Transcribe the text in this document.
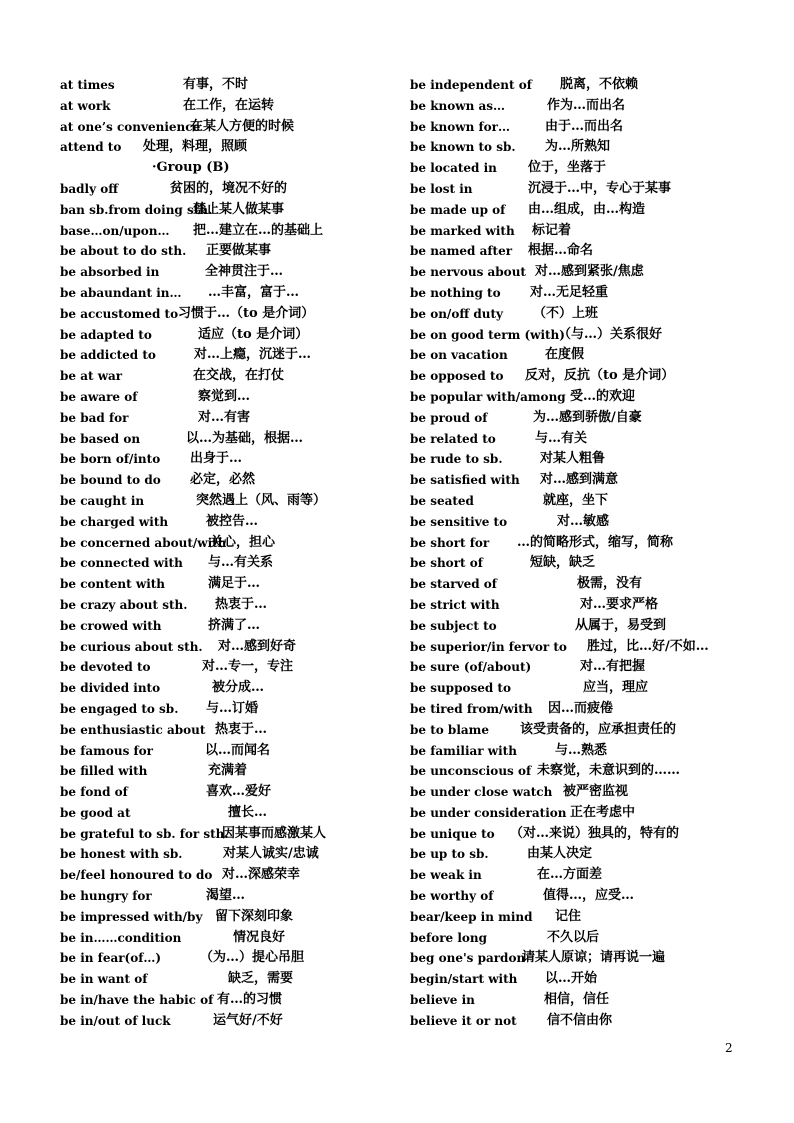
at times	有事，不时
at work	在工作，在运转
at one’s convenience
在某人方便的时候
attend to 处理，料理，照顾
·Group (B)
badly off	贫困的，境况不好的
ban sb.from doing sth.
禁止某人做某事
base…on/upon… 把…建立在…的基础上
be about to do sth. 正要做某事
be absorbed in	全神贯注于…
be abaundant in… …丰富，富于…
be accustomed to 习惯于…（to 是介词）
be adapted to	适应（to 是介词）
be addicted to	对…上瘾，沉迷于…
be at war	在交战，在打仗
be aware of	察觉到…
be bad for	对…有害
be based on	以…为基础，根据…
be born of/into 出身于…
be bound to do 必定，必然
be caught in	突然遇上（风、雨等）
be charged with	被控告…
be concerned about/with
关心，担心
be connected with 与…有关系
be content with	满足于…
be crazy about sth. 热衷于…
be crowed with	挤满了…
be curious about sth. 对…感到好奇
be devoted to	对…专一，专注
be divided into	被分成…
be engaged to sb. 与…订婚
be enthusiastic about 热衷于…
be famous for	以…而闻名
be filled with	充满着
be fond of	喜欢…爱好
be good at	擅长…
be grateful to sb. for sth.
因某事而感激某人
be honest with sb.	对某人诚实/忠诚
be/feel honoured to do 对…深感荣幸
be hungry for	渴望…
be impressed with/by 留下深刻印象
be in……condition	情况良好
be in fear(of…)	（为…）提心吊胆
be in want of	缺乏，需要
be in/have the habic of 有…的习惯
be in/out of luck	运气好/不好
be independent of 脱离，不依赖
be known as…	作为…而出名
be known for…	由于…而出名
be known to sb. 为…所熟知
be located in 位于，坐落于
be lost in	沉浸于…中，专心于某事
be made up of 由…组成，由…构造
be marked with 标记着
be named after 根据…命名
be nervous about 对…感到紧张/焦虑
be nothing to 对…无足轻重
be on/off duty （不）上班
be on good term (with)
（与…）关系很好
be on vacation	在度假
be opposed to 反对，反抗（to 是介词）
be popular with/among 受…的欢迎
be proud of	为…感到骄傲/自豪
be related to	与…有关
be rude to sb.	对某人粗鲁
be satisfied with 对…感到满意
be seated	就座，坐下
be sensitive to	对…敏感
be short for …的简略形式，缩写，简称
be short of	短缺，缺乏
be starved of	极需，没有
be strict with	对…要求严格
be subject to	从属于，易受到
be superior/in fervor to 胜过，比…好/不如…
be sure (of/about)	对…有把握
be supposed to	应当，理应
be tired from/with 因…而疲倦
be to blame 该受责备的，应承担责任的
be familiar with	与…熟悉
be unconscious of 未察觉，未意识到的……
be under close watch 被严密监视
be under consideration 正在考虑中
be unique to （对…来说）独具的，特有的
be up to sb.	由某人决定
be weak in	在…方面差
be worthy of	值得…，应受…
bear/keep in mind 记住
before long	不久以后
beg one's pardon
请某人原谅；请再说一遍
begin/start with 以…开始
believe in	相信，信任
believe it or not 信不信由你
2
